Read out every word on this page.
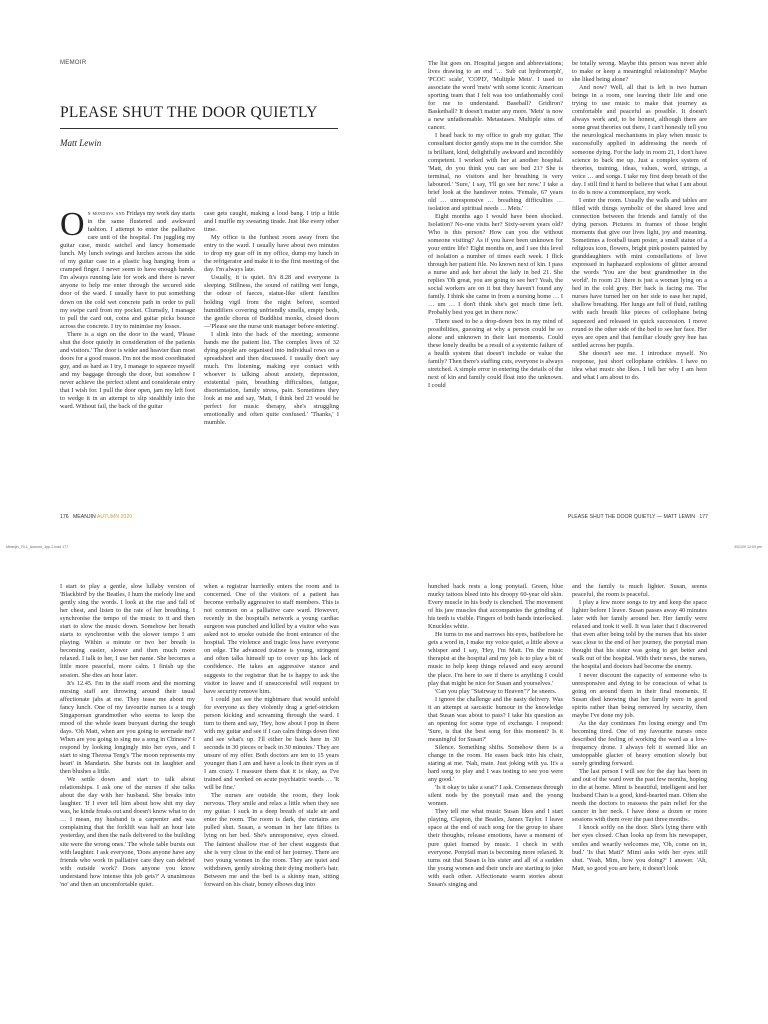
MEMOIR
PLEASE SHUT THE DOOR QUIETLY
Matt Lewin

On mondays and Fridays my work day starts in the same flustered and awkward fashion. I attempt to enter the palliative care unit of the hospital. I'm juggling my guitar case, music satchel and fancy homemade lunch. My lunch swings and lurches across the side of my guitar case in a plastic bag hanging from a cramped finger. I never seem to have enough hands. I'm always running late for work and there is never anyone to help me enter through the secured side door of the ward. I usually have to put something down on the cold wet concrete path in order to pull my swipe card from my pocket. Clumsily, I manage to pull the card out, coins and guitar picks bounce across the concrete. I try to minimise my losses.

There is a sign on the door to the ward, 'Please shut the door quietly in consideration of the patients and visitors.' The door is wider and heavier than most doors for a good reason. I'm not the most coordinated guy, and as hard as I try, I manage to squeeze myself and my baggage through the door, but somehow I never achieve the perfect silent and considerate entry that I wish for. I pull the door open, jam my left foot to wedge it in an attempt to slip stealthily into the ward. Without fail, the back of the guitar

case gets caught, making a loud bang. I trip a little and I muffle my swearing tirade. Just like every other time.

My office is the furthest room away from the entry to the ward. I usually have about two minutes to drop my gear off in my office, dump my lunch in the refrigerator and make it to the first meeting of the day. I'm always late.

Usually, it is quiet. It's 8.28 and everyone is sleeping. Stillness, the sound of rattling wet lungs, the odour of faeces, statue-like silent families holding vigil from the night before, scented humidifiers covering unfriendly smells, empty beds, the gentle chorus of Buddhist monks, closed doors—'Please see the nurse unit manager before entering'.

I slink into the back of the meeting; someone hands me the patient list. The complex lives of 32 dying people are organised into individual rows on a spreadsheet and then discussed. I usually don't say much. I'm listening, making eye contact with whoever is talking about anxiety, depression, existential pain, breathing difficulties, fatigue, disorientation, family stress, pain. Sometimes they look at me and say, 'Matt, I think bed 23 would be perfect for music therapy, she's struggling emotionally and often quite confused.' 'Thanks,' I mumble.

The list goes on. Hospital jargon and abbreviations; lives drawing to an end '… Sub cut hydromorph', 'PCOC scale', 'COPD', 'Multiple Mets'. I used to associate the word 'mets' with some iconic American sporting team that I felt was too unfathomably cool for me to understand. Baseball? Gridiron? Basketball? It doesn't matter any more. 'Mets' is now a new unfathomable. Metastases. Multiple sites of cancer.

I head back to my office to grab my guitar. The consultant doctor gently stops me in the corridor. She is brilliant, kind, delightfully awkward and incredibly competent. I worked with her at another hospital. 'Matt, do you think you can see bed 21? She is terminal, no visitors and her breathing is very laboured.' 'Sure,' I say, 'I'll go see her now.' I take a brief look at the handover notes. 'Female, 67 years old … unresponsive … breathing difficulties … isolation and spiritual needs … Mets.'

Eight months ago I would have been shocked. Isolation? No-one visits her? Sixty-seven years old? Who is this person? How can you die without someone visiting? As if you have been unknown for your entire life? Eight months on, and I see this level of isolation a number of times each week. I flick through her patient file. No known next of kin. I pass a nurse and ask her about the lady in bed 21. She replies 'Oh great, you are going to see her? Yeah, the social workers are on it but they haven't found any family. I think she came in from a nursing home … I … um … I don't think she's got much time left. Probably best you get in there now.'

There used to be a drop-down box in my mind of possibilities, guessing at why a person could be so alone and unknown in their last moments. Could these lonely deaths be a result of a systemic failure of a health system that doesn't include or value the family? Then there's staffing cuts, everyone is always stretched. A simple error in entering the details of the next of kin and family could float into the unknown. I could

be totally wrong. Maybe this person was never able to make or keep a meaningful relationship? Maybe she liked being alone?

And now? Well, all that is left is two human beings in a room, one leaving their life and one trying to use music to make that journey as comfortable and peaceful as possible. It doesn't always work and, to be honest, although there are some great theories out there, I can't honestly tell you the neurological mechanisms in play when music is successfully applied in addressing the needs of someone dying. For the lady in room 21, I don't have science to back me up. Just a complex system of theories, training, ideas, values, word, strings, a voice … and songs. I take my first deep breath of the day. I still find it hard to believe that what I am about to do is now a commonplace, my work.

I enter the room. Usually the walls and tables are filled with things symbolic of the shared love and connection between the friends and family of the dying person. Pictures in frames of those bright moments that give our lives light, joy and meaning. Sometimes a football team poster, a small statue of a religious icon, flowers, bright pink posters painted by granddaughters with mini constellations of love expressed in haphazard explosions of glitter around the words 'You are the best grandmother in the world'. In room 21 there is just a woman lying on a bed in the cold grey. Her back is facing me. The nurses have turned her on her side to ease her rapid, shallow breathing. Her lungs are full of fluid, rattling with each breath like pieces of cellophane being squeezed and released in quick succession. I move round to the other side of the bed to see her face. Her eyes are open and that familiar cloudy grey hue has settled across her pupils.

She doesn't see me. I introduce myself. No response, just short cellophane crinkles. I have no idea what music she likes. I tell her why I am here and what I am about to do.

176 MEANJIN AUTUMN 2020	PLEASE SHUT THE DOOR QUIETLY — MATT LEWIN 177
Meanjin_79-1_Autumn_1pp-2.indd 177	3/01/20 12:04 pm

I start to play a gentle, slow lullaby version of 'Blackbird' by the Beatles, I hum the melody line and gently sing the words. I look at the rise and fall of her chest, and listen to the rate of her breathing. I synchronise the tempo of the music to it and then start to slow the music down. Somehow her breath starts to synchronise with the slower tempo I am playing. Within a minute or two her breath is becoming easier, slower and then much more relaxed. I talk to her, I use her name. She becomes a little more peaceful, more calm. I finish up the session. She dies an hour later.

It's 12.45. I'm in the staff room and the morning nursing staff are throwing around their usual affectionate jabs at me. They tease me about my fancy lunch. One of my favourite nurses is a tough Singaporean grandmother who seems to keep the mood of the whole team buoyant during the tough days. 'Oh Matt, when are you going to serenade me? When are you going to sing me a song in Chinese?' I respond by looking longingly into her eyes, and I start to sing Theresa Teng's 'The moon represents my heart' in Mandarin. She bursts out in laughter and then blushes a little.

We settle down and start to talk about relationships. I ask one of the nurses if she talks about the day with her husband. She breaks into laughter. 'If I ever tell him about how shit my day was, he kinda freaks out and doesn't know what to do … I mean, my husband is a carpenter and was complaining that the forklift was half an hour late yesterday, and then the nails delivered to the building site were the wrong ones.' The whole table bursts out with laughter. I ask everyone, 'Does anyone have any friends who work in palliative care they can debrief with outside work? Does anyone you know understand how intense this job gets?' A unanimous 'no' and then an uncomfortable quiet.

when a registrar hurriedly enters the room and is concerned. One of the visitors of a patient has become verbally aggressive to staff members. This is not common on a palliative care ward. However, recently in the hospital's network a young cardiac surgeon was punched and killed by a visitor who was asked not to smoke outside the front entrance of the hospital. The violence and tragic loss have everyone on edge. The advanced trainee is young, stringent and often talks himself up to cover up his lack of confidence. He takes an aggressive stance and suggests to the registrar that he is happy to ask the visitor to leave and if unsuccessful will request to have security remove him.

I could just see the nightmare that would unfold for everyone as they violently drag a grief-stricken person kicking and screaming through the ward. I turn to them and say, 'Hey, how about I pop in there with my guitar and see if I can calm things down first and see what's up. I'll either be back here in 30 seconds in 30 pieces or back in 30 minutes.' They are unsure of my offer. Both doctors are ten to 15 years younger than I am and have a look in their eyes as if I am crazy. I reassure them that it is okay, as I've trained and worked on acute psychiatric wards … 'It will be fine.'

The nurses are outside the room, they look nervous. They smile and relax a little when they see my guitar. I suck in a deep breath of stale air and enter the room. The room is dark, the curtains are pulled shut. Susan, a woman in her late fifties is lying on her bed. She's unresponsive, eyes closed. The faintest shallow rise of her chest suggests that she is very close to the end of her journey. There are two young women in the room. They are quiet and withdrawn, gently stroking their dying mother's hair. Between me and the bed is a skinny man, sitting forward on his chair, boney elbows dug into

hunched back rests a long ponytail. Green, blue murky tattoos bleed into his droopy 60-year old skin. Every muscle in his body is clenched. The movement of his jaw muscles that accompanies the grinding of his teeth is visible. Fingers of both hands interlocked. Knuckles white.

He turns to me and narrows his eyes, baitbefore he gets a word in, I make my voice quiet, a little above a whisper and I say, 'Hey, I'm Matt. I'm the music therapist at the hospital and my job is to play a bit of music to help keep things relaxed and easy around the place. I'm here to see if there is anything I could play that might be nice for Susan and yourselves.'

'Can you play "Stairway to Heaven"?' he sneers.

I ignore the challenge and the nasty delivery. Was it an attempt at sarcastic humour in the knowledge that Susan was about to pass? I take his question as an opening for some type of exchange. I respond: 'Sure, is that the best song for this moment? Is it meaningful for Susan?'

Silence. Something shifts. Somehow there is a change in the room. He eases back into his chair, staring at me. 'Nah, mate. Just joking with ya. It's a hard song to play and I was testing to see you were any good.'

'Is it okay to take a seat?' I ask. Consensus through silent nods by the ponytail man and the young women.

They tell me what music Susan likes and I start playing, Clapton, the Beatles, James Taylor. I leave space at the end of each song for the group to share their thoughts, release emotions, have a moment of pure quiet framed by music. I check in with everyone. Ponytail man is becoming more relaxed. It turns out that Susan is his sister and all of a sudden the young women and their uncle are starting to joke with each other. Affectionate warm stories about Susan's singing and

and the family is much lighter. Susan, seems peaceful, the room is peaceful.

I play a few more songs to try and keep the space lighter before I leave. Susan passes away 40 minutes later with her family around her. Her family were relaxed and took it well. It was later that I discovered that even after being told by the nurses that his sister was close to the end of her journey, the ponytail man thought that his sister was going to get better and walk out of the hospital. With their news, the nurses, the hospital and doctors had become the enemy.

I never discount the capacity of someone who is unresponsive and dying to be conscious of what is going on around them in their final moments. If Susan died knowing that her family were in good spirits rather than being removed by security, then maybe I've done my job.

As the day continues I'm losing energy and I'm becoming tired. One of my favourite nurses once described the feeling of working the ward as a low-frequency drone. I always felt it seemed like an unstoppable glacier of heavy emotion slowly but surely grinding forward.

The last person I will see for the day has been in and out of the ward over the past few months, hoping to die at home. Mimi is beautiful, intelligent and her husband Chan is a good, kind-hearted man. Often she needs the doctors to reassess the pain relief for the cancer in her neck. I have done a dozen or more sessions with them over the past three months.

I knock softly on the door. She's lying there with her eyes closed. Chan looks up from his newspaper, smiles and wearily welcomes me, 'Oh, come on in, bud.' 'Is that Matt?' Mimi asks with her eyes still shut. 'Yeah, Mim, how you doing?' I answer. 'Ah, Matt, so good you are here, it doesn't look
